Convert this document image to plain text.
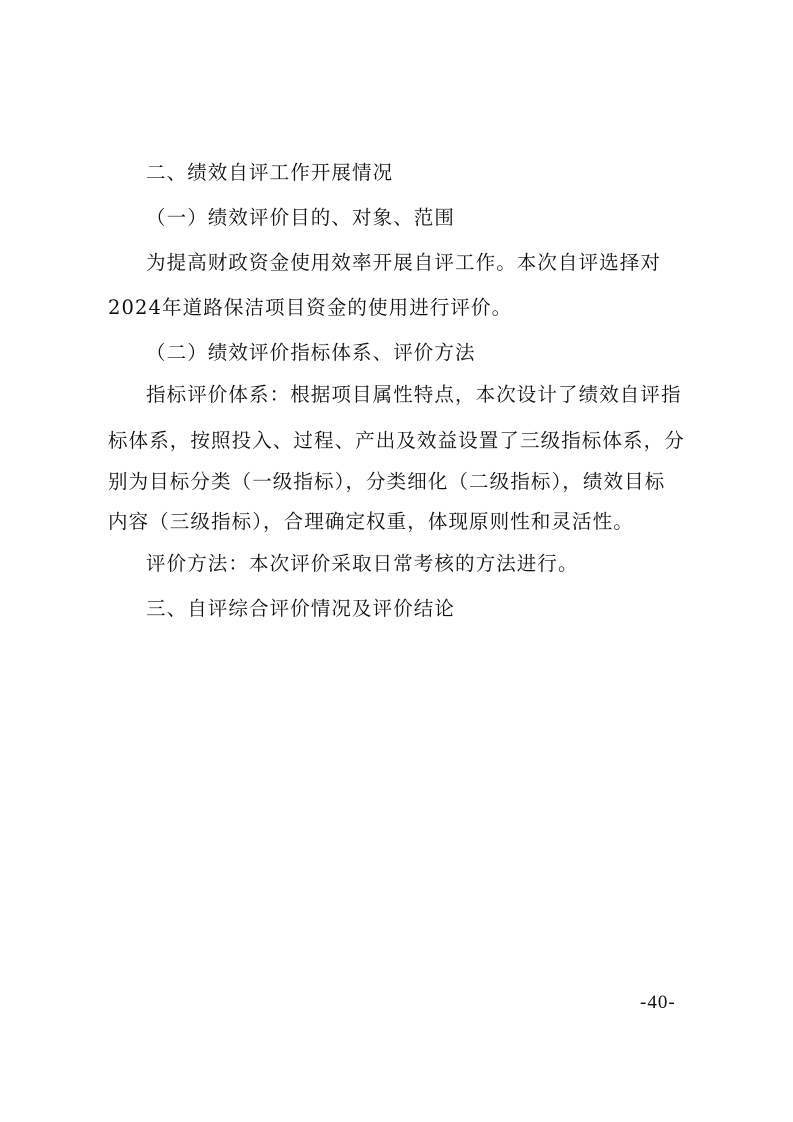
二、绩效自评工作开展情况
（一）绩效评价目的、对象、范围
为提高财政资金使用效率开展自评工作。本次自评选择对
2024年道路保洁项目资金的使用进行评价。
（二）绩效评价指标体系、评价方法
指标评价体系：根据项目属性特点，本次设计了绩效自评指
标体系，按照投入、过程、产出及效益设置了三级指标体系，分
别为目标分类（一级指标），分类细化（二级指标），绩效目标
内容（三级指标），合理确定权重，体现原则性和灵活性。
评价方法：本次评价采取日常考核的方法进行。
三、自评综合评价情况及评价结论
-40-
